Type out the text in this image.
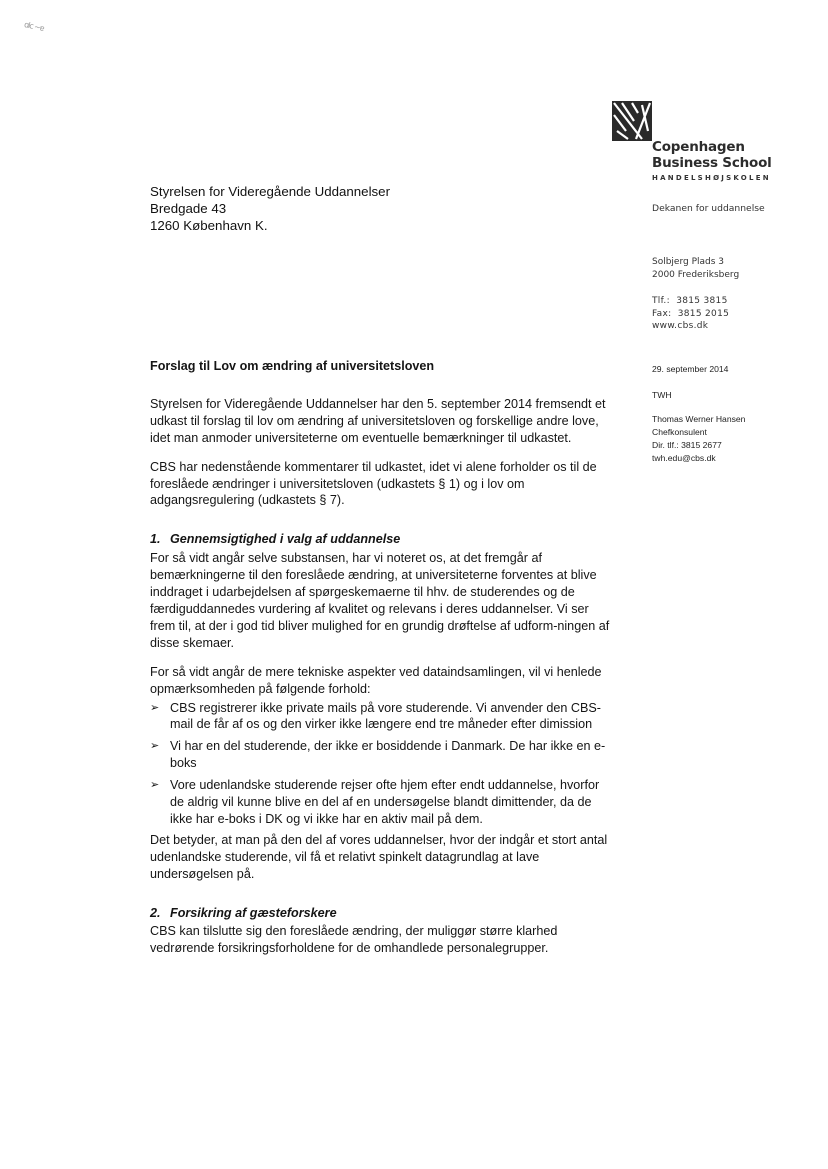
ɑlc ~ɐ
Copenhagen
Business School
HANDELSHØJSKOLEN
Dekanen for uddannelse
Solbjerg Plads 3
2000 Frederiksberg
Tlf.:  3815 3815
Fax:  3815 2015
www.cbs.dk
29. september 2014
TWH
Thomas Werner Hansen
Chefkonsulent
Dir. tlf.: 3815 2677
twh.edu@cbs.dk
Styrelsen for Videregående Uddannelser
Bredgade 43
1260 København K.

Forslag til Lov om ændring af universitetsloven

Styrelsen for Videregående Uddannelser har den 5. september 2014 fremsendt et udkast til forslag til lov om ændring af universitetsloven og forskellige andre love, idet man anmoder universiteterne om eventuelle bemærkninger til udkastet.

CBS har nedenstående kommentarer til udkastet, idet vi alene forholder os til de foreslåede ændringer i universitetsloven (udkastets § 1) og i lov om adgangsregulering (udkastets § 7).

1. Gennemsigtighed i valg af uddannelse

For så vidt angår selve substansen, har vi noteret os, at det fremgår af bemærkningerne til den foreslåede ændring, at universiteterne forventes at blive inddraget i udarbejdelsen af spørgeskemaerne til hhv. de studerendes og de færdiguddannedes vurdering af kvalitet og relevans i deres uddannelser. Vi ser frem til, at der i god tid bliver mulighed for en grundig drøftelse af udform-ningen af disse skemaer.

For så vidt angår de mere tekniske aspekter ved dataindsamlingen, vil vi henlede opmærksomheden på følgende forhold:

➢ CBS registrerer ikke private mails på vore studerende. Vi anvender den CBS-mail de får af os og den virker ikke længere end tre måneder efter dimission
➢ Vi har en del studerende, der ikke er bosiddende i Danmark. De har ikke en e-boks
➢ Vore udenlandske studerende rejser ofte hjem efter endt uddannelse, hvorfor de aldrig vil kunne blive en del af en undersøgelse blandt dimittender, da de ikke har e-boks i DK og vi ikke har en aktiv mail på dem.

Det betyder, at man på den del af vores uddannelser, hvor der indgår et stort antal udenlandske studerende, vil få et relativt spinkelt datagrundlag at lave undersøgelsen på.

2. Forsikring af gæsteforskere

CBS kan tilslutte sig den foreslåede ændring, der muliggør større klarhed vedrørende forsikringsforholdene for de omhandlede personalegrupper.
